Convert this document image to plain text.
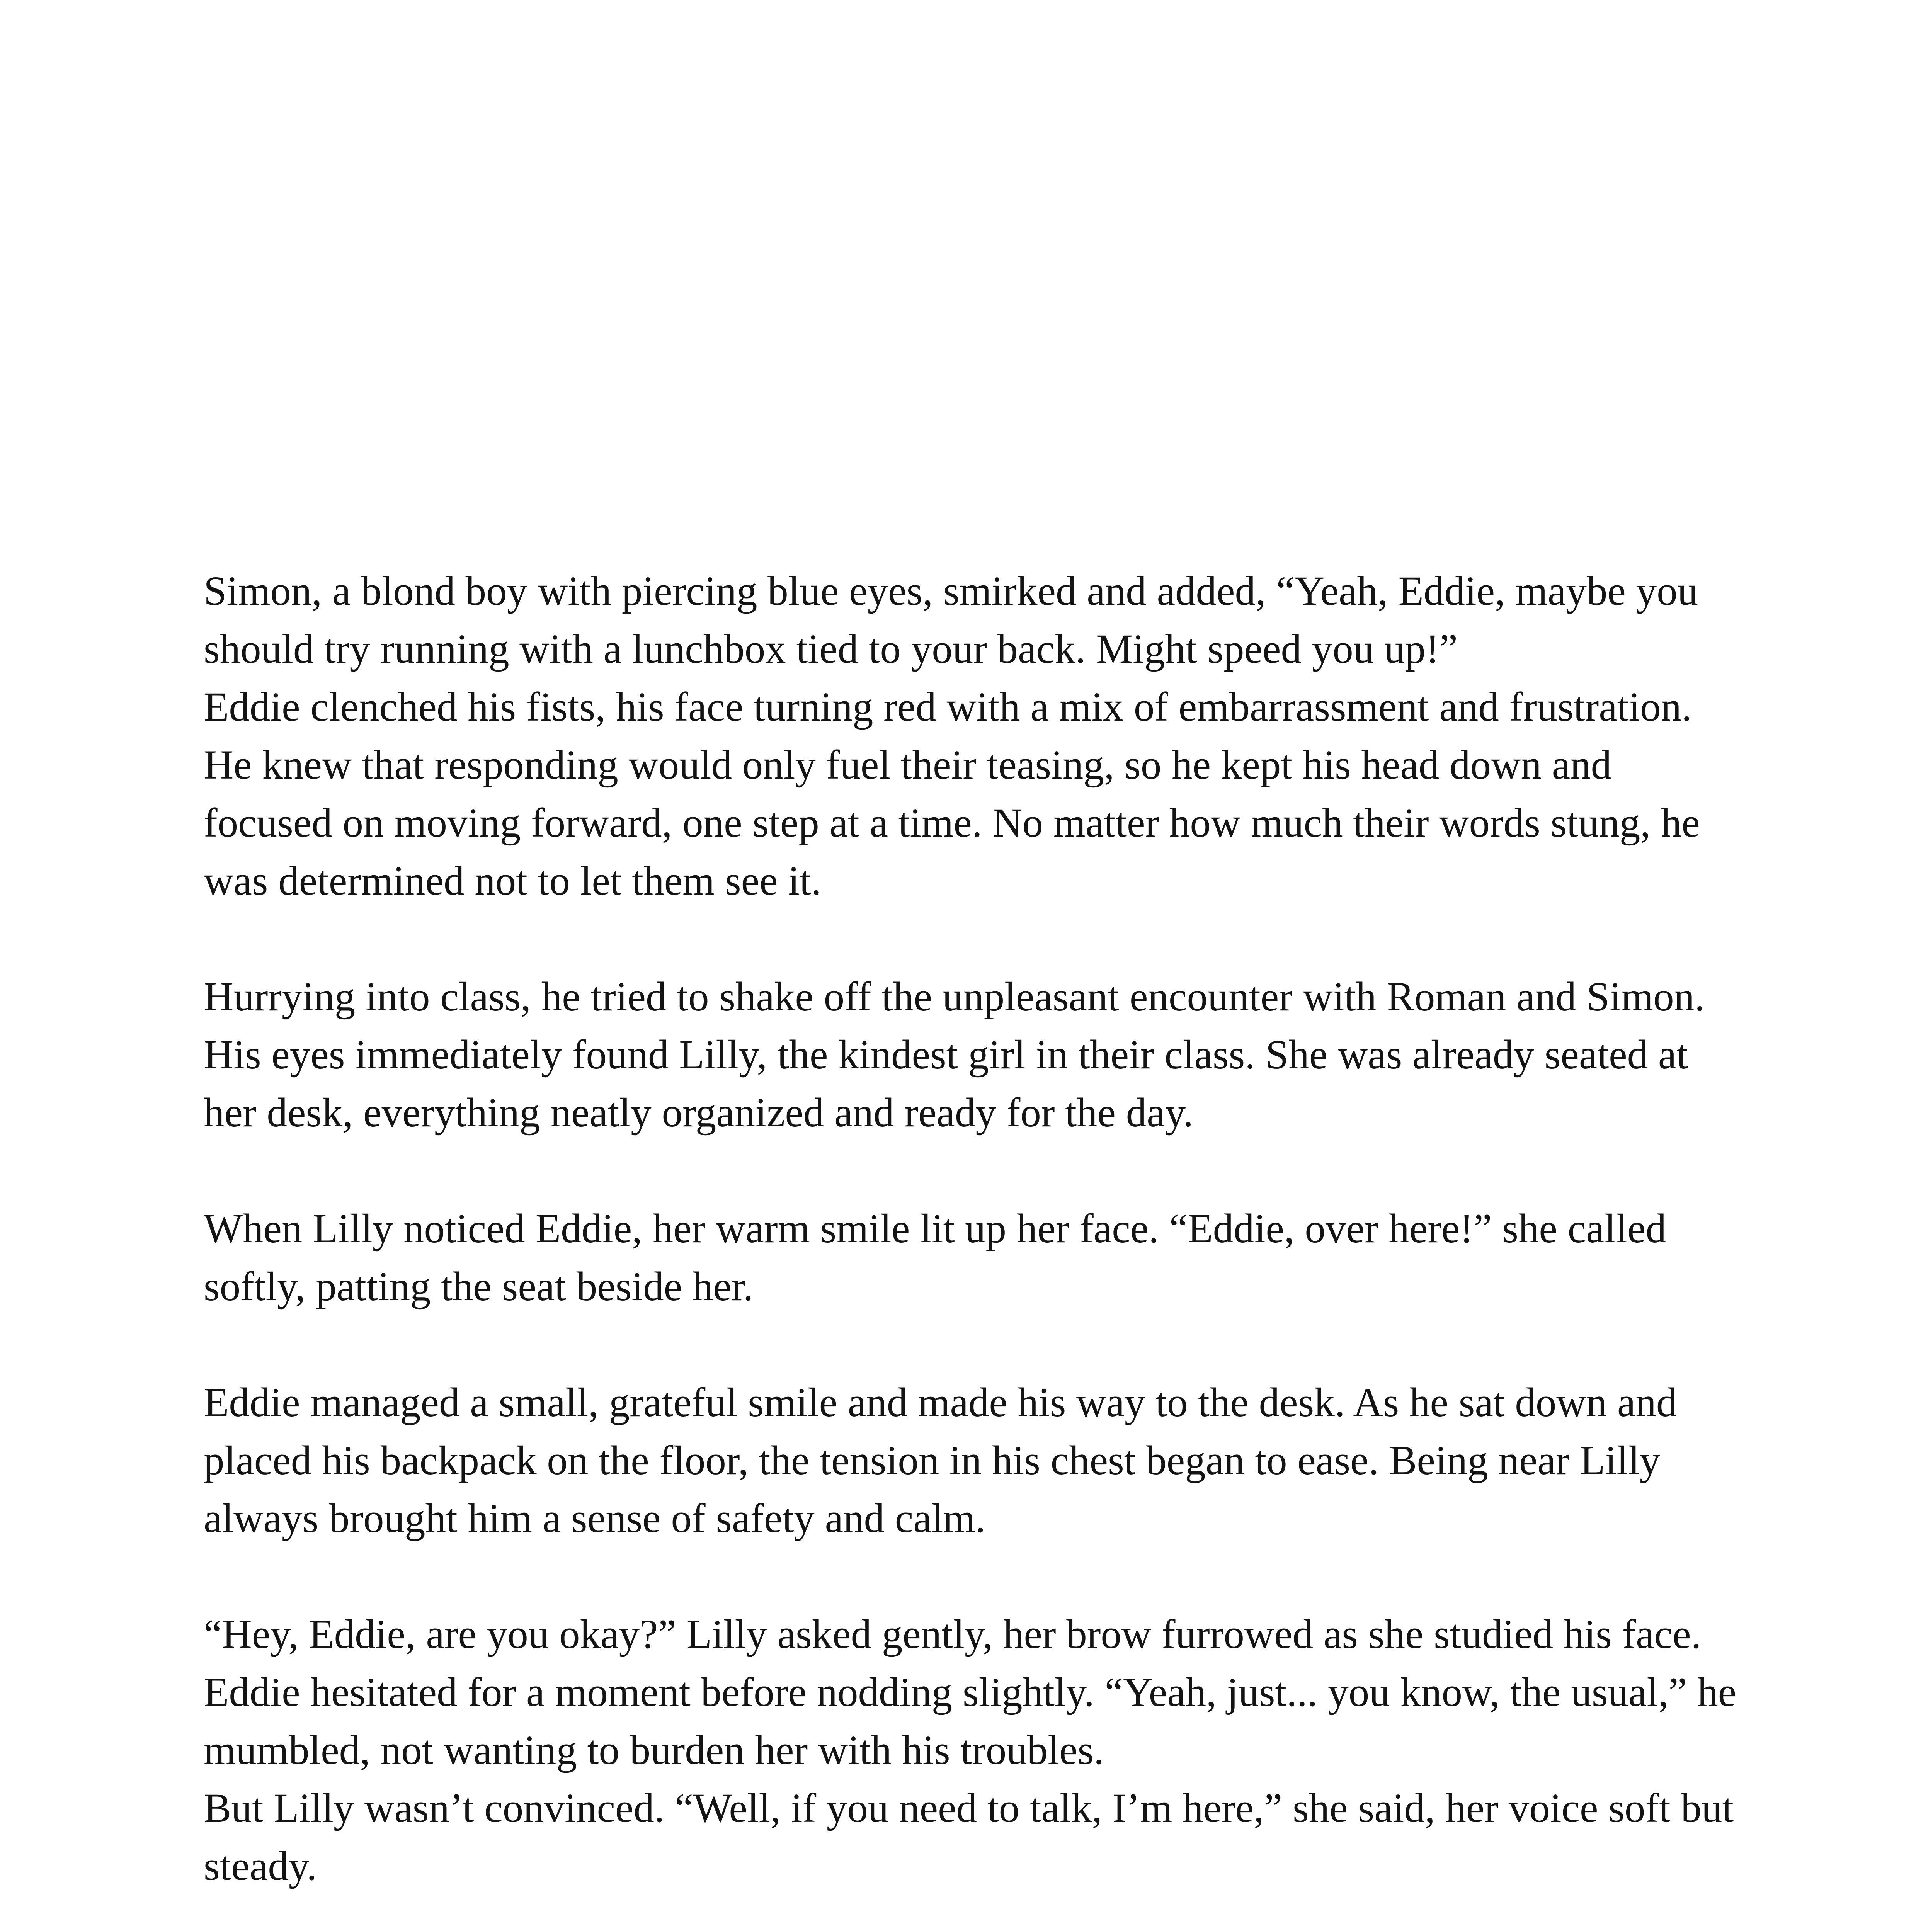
Simon, a blond boy with piercing blue eyes, smirked and added, “Yeah, Eddie, maybe you should try running with a lunchbox tied to your back. Might speed you up!”

Eddie clenched his fists, his face turning red with a mix of embarrassment and frustration. He knew that responding would only fuel their teasing, so he kept his head down and focused on moving forward, one step at a time. No matter how much their words stung, he was determined not to let them see it.

Hurrying into class, he tried to shake off the unpleasant encounter with Roman and Simon. His eyes immediately found Lilly, the kindest girl in their class. She was already seated at her desk, everything neatly organized and ready for the day.

When Lilly noticed Eddie, her warm smile lit up her face. “Eddie, over here!” she called softly, patting the seat beside her.

Eddie managed a small, grateful smile and made his way to the desk. As he sat down and placed his backpack on the floor, the tension in his chest began to ease. Being near Lilly always brought him a sense of safety and calm.

“Hey, Eddie, are you okay?” Lilly asked gently, her brow furrowed as she studied his face.

Eddie hesitated for a moment before nodding slightly. “Yeah, just... you know, the usual,” he mumbled, not wanting to burden her with his troubles.

But Lilly wasn’t convinced. “Well, if you need to talk, I’m here,” she said, her voice soft but steady.
